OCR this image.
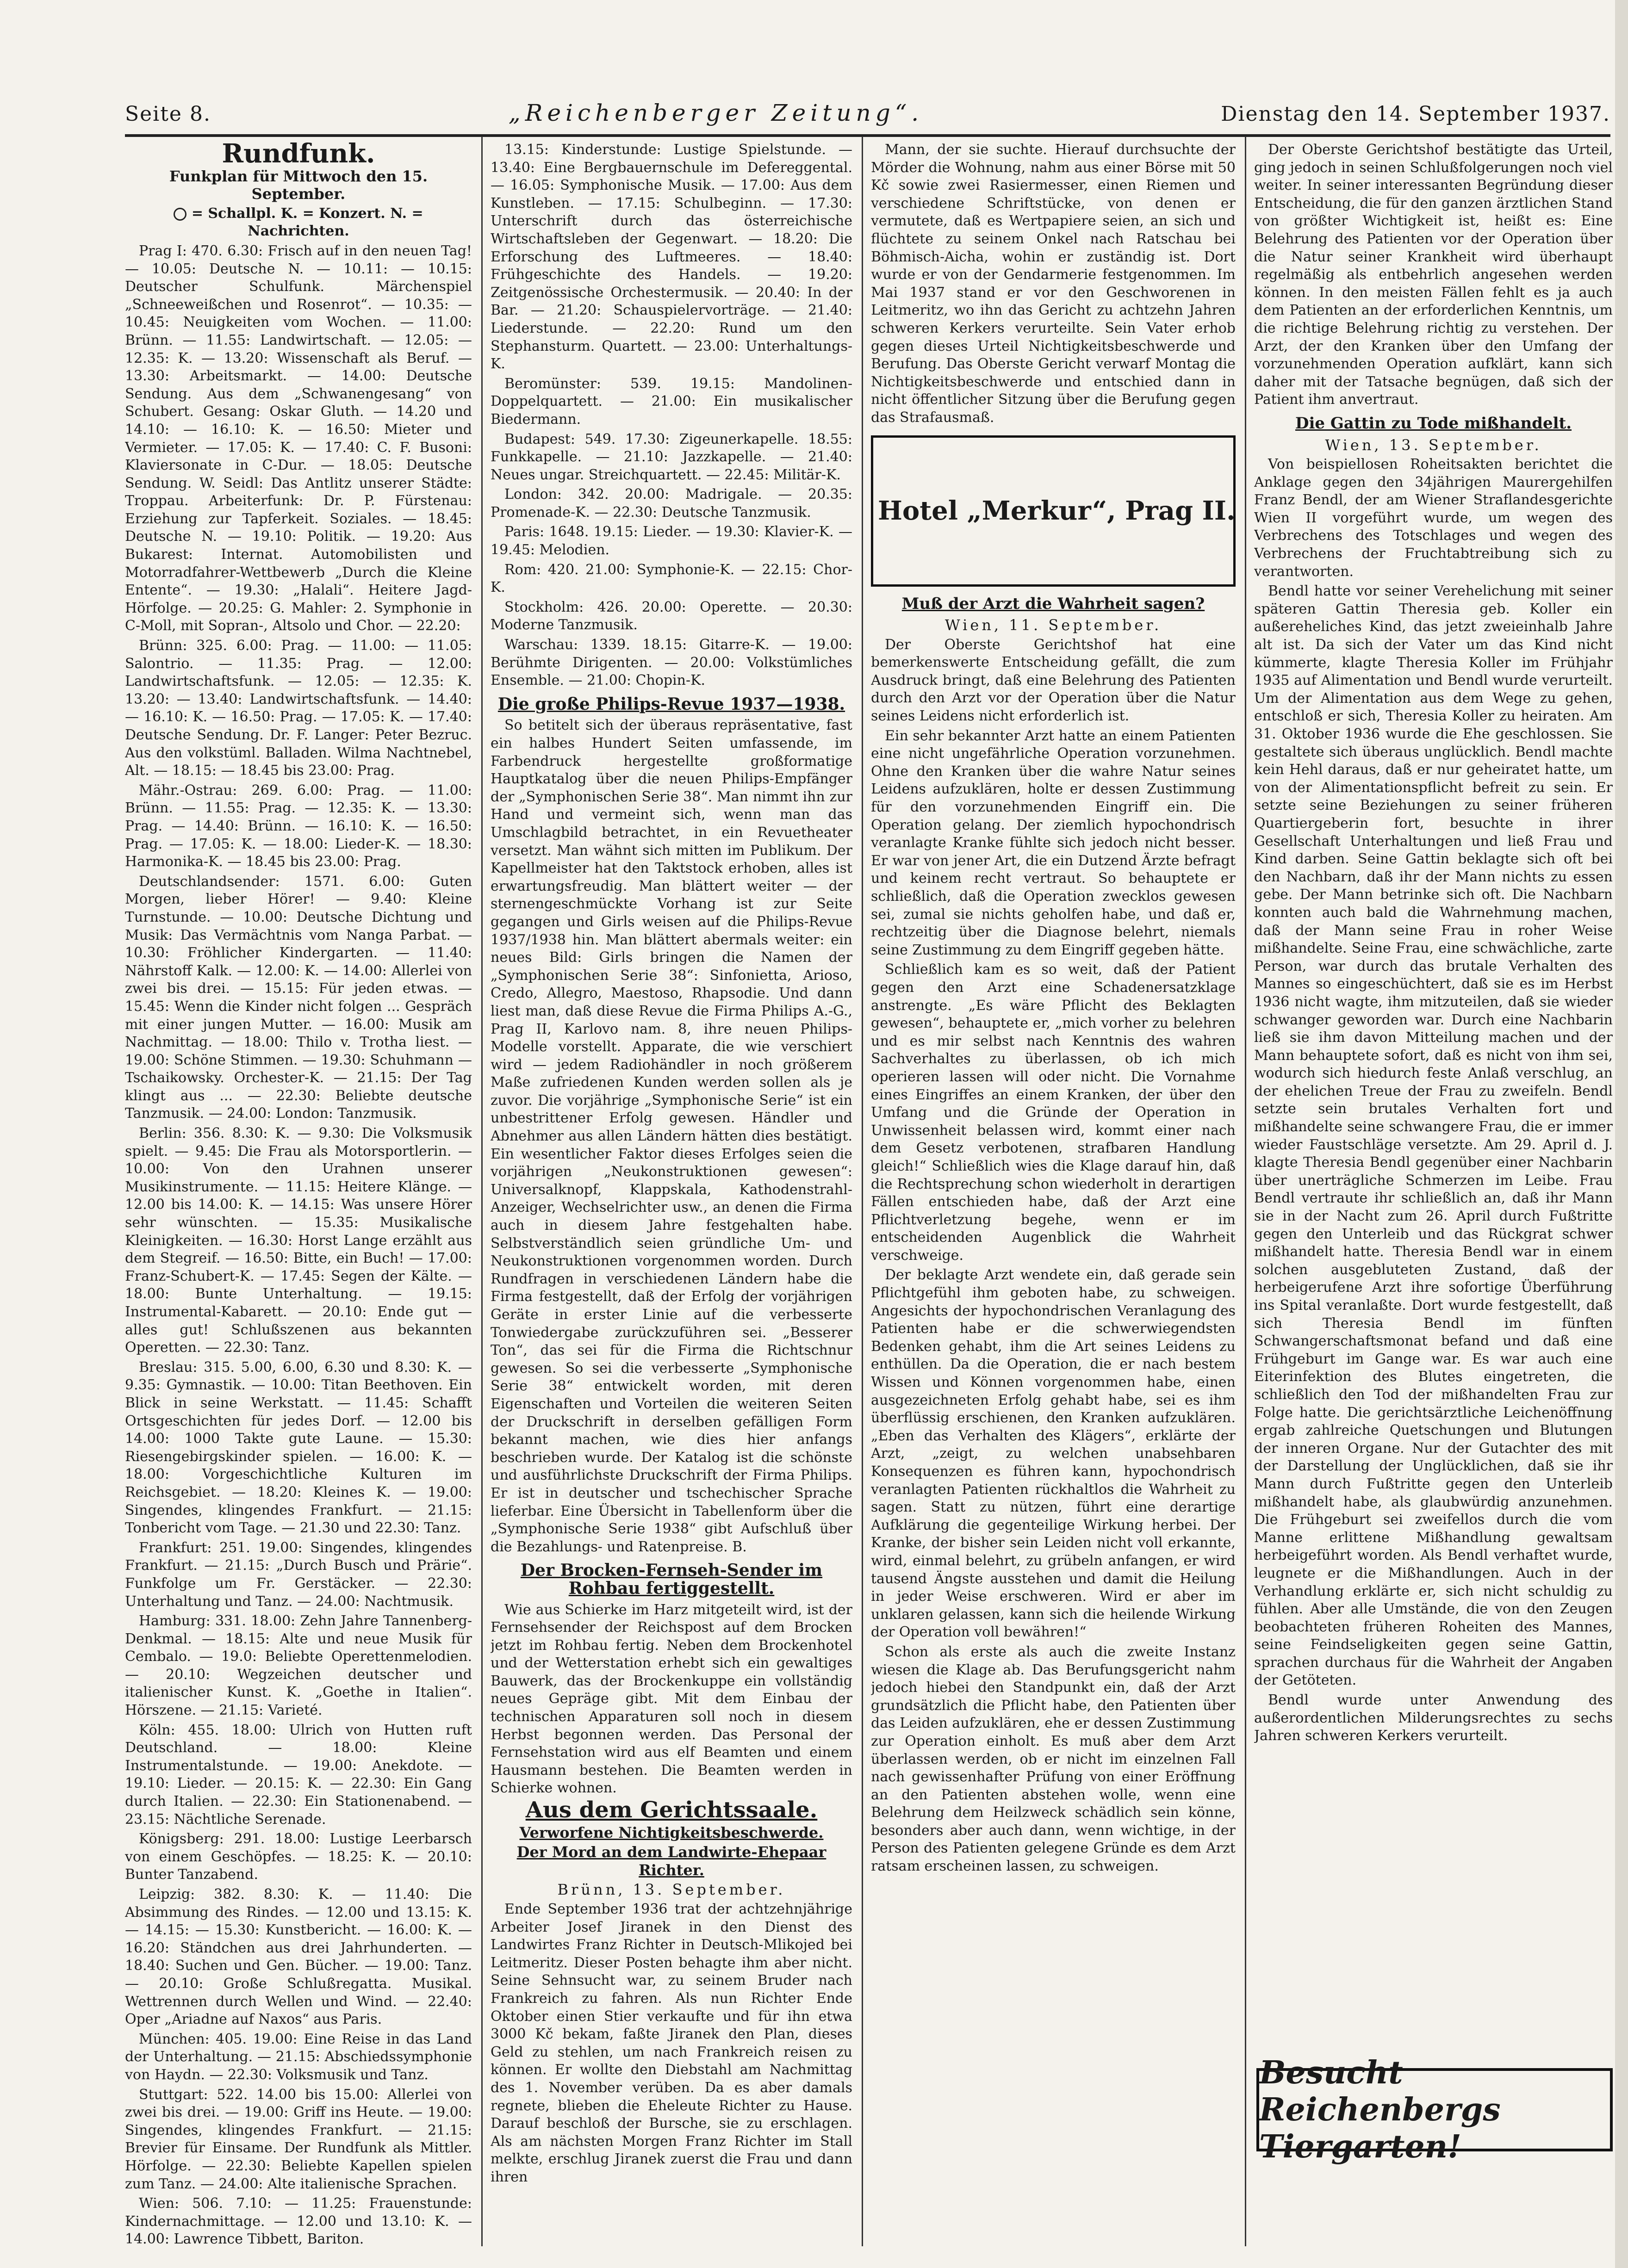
Seite 8.	„Reichenberger Zeitung“.	Dienstag den 14. September 1937.
Rundfunk.
Funkplan für Mittwoch den 15. September.

= Schallpl. K. = Konzert. N. = Nachrichten.

Prag I: 470. 6.30: Frisch auf in den neuen Tag! — 10.05: Deutsche N. — 10.11: — 10.15: Deutscher Schulfunk. Märchenspiel „Schneeweißchen und Rosenrot“. — 10.35: — 10.45: Neuigkeiten vom Wochen. — 11.00: Brünn. — 11.55: Landwirtschaft. — 12.05: — 12.35: K. — 13.20: Wissenschaft als Beruf. — 13.30: Arbeitsmarkt. — 14.00: Deutsche Sendung. Aus dem „Schwanengesang“ von Schubert. Gesang: Oskar Gluth. — 14.20 und 14.10: — 16.10: K. — 16.50: Mieter und Vermieter. — 17.05: K. — 17.40: C. F. Busoni: Klaviersonate in C-Dur. — 18.05: Deutsche Sendung. W. Seidl: Das Antlitz unserer Städte: Troppau. Arbeiterfunk: Dr. P. Fürstenau: Erziehung zur Tapferkeit. Soziales. — 18.45: Deutsche N. — 19.10: Politik. — 19.20: Aus Bukarest: Internat. Automobilisten und Motorradfahrer-Wettbewerb „Durch die Kleine Entente“. — 19.30: „Halali“. Heitere Jagd-Hörfolge. — 20.25: G. Mahler: 2. Symphonie in C-Moll, mit Sopran-, Altsolo und Chor. — 22.20:

Brünn: 325. 6.00: Prag. — 11.00: — 11.05: Salontrio. — 11.35: Prag. — 12.00: Landwirtschaftsfunk. — 12.05: — 12.35: K. 13.20: — 13.40: Landwirtschaftsfunk. — 14.40: — 16.10: K. — 16.50: Prag. — 17.05: K. — 17.40: Deutsche Sendung. Dr. F. Langer: Peter Bezruc. Aus den volkstüml. Balladen. Wilma Nachtnebel, Alt. — 18.15: — 18.45 bis 23.00: Prag.

Mähr.-Ostrau: 269. 6.00: Prag. — 11.00: Brünn. — 11.55: Prag. — 12.35: K. — 13.30: Prag. — 14.40: Brünn. — 16.10: K. — 16.50: Prag. — 17.05: K. — 18.00: Lieder-K. — 18.30: Harmonika-K. — 18.45 bis 23.00: Prag.

Deutschlandsender: 1571. 6.00: Guten Morgen, lieber Hörer! — 9.40: Kleine Turnstunde. — 10.00: Deutsche Dichtung und Musik: Das Vermächtnis vom Nanga Parbat. — 10.30: Fröhlicher Kindergarten. — 11.40: Nährstoff Kalk. — 12.00: K. — 14.00: Allerlei von zwei bis drei. — 15.15: Für jeden etwas. — 15.45: Wenn die Kinder nicht folgen ... Gespräch mit einer jungen Mutter. — 16.00: Musik am Nachmittag. — 18.00: Thilo v. Trotha liest. — 19.00: Schöne Stimmen. — 19.30: Schuhmann — Tschaikowsky. Orchester-K. — 21.15: Der Tag klingt aus ... — 22.30: Beliebte deutsche Tanzmusik. — 24.00: London: Tanzmusik.

Berlin: 356. 8.30: K. — 9.30: Die Volksmusik spielt. — 9.45: Die Frau als Motorsportlerin. — 10.00: Von den Urahnen unserer Musikinstrumente. — 11.15: Heitere Klänge. — 12.00 bis 14.00: K. — 14.15: Was unsere Hörer sehr wünschten. — 15.35: Musikalische Kleinigkeiten. — 16.30: Horst Lange erzählt aus dem Stegreif. — 16.50: Bitte, ein Buch! — 17.00: Franz-Schubert-K. — 17.45: Segen der Kälte. — 18.00: Bunte Unterhaltung. — 19.15: Instrumental-Kabarett. — 20.10: Ende gut — alles gut! Schlußszenen aus bekannten Operetten. — 22.30: Tanz.

Breslau: 315. 5.00, 6.00, 6.30 und 8.30: K. — 9.35: Gymnastik. — 10.00: Titan Beethoven. Ein Blick in seine Werkstatt. — 11.45: Schafft Ortsgeschichten für jedes Dorf. — 12.00 bis 14.00: 1000 Takte gute Laune. — 15.30: Riesengebirgskinder spielen. — 16.00: K. — 18.00: Vorgeschichtliche Kulturen im Reichsgebiet. — 18.20: Kleines K. — 19.00: Singendes, klingendes Frankfurt. — 21.15: Tonbericht vom Tage. — 21.30 und 22.30: Tanz.

Frankfurt: 251. 19.00: Singendes, klingendes Frankfurt. — 21.15: „Durch Busch und Prärie“. Funkfolge um Fr. Gerstäcker. — 22.30: Unterhaltung und Tanz. — 24.00: Nachtmusik.

Hamburg: 331. 18.00: Zehn Jahre Tannenberg-Denkmal. — 18.15: Alte und neue Musik für Cembalo. — 19.0: Beliebte Operettenmelodien. — 20.10: Wegzeichen deutscher und italienischer Kunst. K. „Goethe in Italien“. Hörszene. — 21.15: Varieté.

Köln: 455. 18.00: Ulrich von Hutten ruft Deutschland. — 18.00: Kleine Instrumentalstunde. — 19.00: Anekdote. — 19.10: Lieder. — 20.15: K. — 22.30: Ein Gang durch Italien. — 22.30: Ein Stationenabend. — 23.15: Nächtliche Serenade.

Königsberg: 291. 18.00: Lustige Leerbarsch von einem Geschöpfes. — 18.25: K. — 20.10: Bunter Tanzabend.

Leipzig: 382. 8.30: K. — 11.40: Die Absimmung des Rindes. — 12.00 und 13.15: K. — 14.15: — 15.30: Kunstbericht. — 16.00: K. — 16.20: Ständchen aus drei Jahrhunderten. — 18.40: Suchen und Gen. Bücher. — 19.00: Tanz. — 20.10: Große Schlußregatta. Musikal. Wettrennen durch Wellen und Wind. — 22.40: Oper „Ariadne auf Naxos“ aus Paris.

München: 405. 19.00: Eine Reise in das Land der Unterhaltung. — 21.15: Abschiedssymphonie von Haydn. — 22.30: Volksmusik und Tanz.

Stuttgart: 522. 14.00 bis 15.00: Allerlei von zwei bis drei. — 19.00: Griff ins Heute. — 19.00: Singendes, klingendes Frankfurt. — 21.15: Brevier für Einsame. Der Rundfunk als Mittler. Hörfolge. — 22.30: Beliebte Kapellen spielen zum Tanz. — 24.00: Alte italienische Sprachen.

Wien: 506. 7.10: — 11.25: Frauenstunde: Kindernachmittage. — 12.00 und 13.10: K. — 14.00: Lawrence Tibbett, Bariton.

13.15: Kinderstunde: Lustige Spielstunde. — 13.40: Eine Bergbauernschule im Defereggental. — 16.05: Symphonische Musik. — 17.00: Aus dem Kunstleben. — 17.15: Schulbeginn. — 17.30: Unterschrift durch das österreichische Wirtschaftsleben der Gegenwart. — 18.20: Die Erforschung des Luftmeeres. — 18.40: Frühgeschichte des Handels. — 19.20: Zeitgenössische Orchestermusik. — 20.40: In der Bar. — 21.20: Schauspielervorträge. — 21.40: Liederstunde. — 22.20: Rund um den Stephansturm. Quartett. — 23.00: Unterhaltungs-K.

Beromünster: 539. 19.15: Mandolinen-Doppelquartett. — 21.00: Ein musikalischer Biedermann.

Budapest: 549. 17.30: Zigeunerkapelle. 18.55: Funkkapelle. — 21.10: Jazzkapelle. — 21.40: Neues ungar. Streichquartett. — 22.45: Militär-K.

London: 342. 20.00: Madrigale. — 20.35: Promenade-K. — 22.30: Deutsche Tanzmusik.

Paris: 1648. 19.15: Lieder. — 19.30: Klavier-K. — 19.45: Melodien.

Rom: 420. 21.00: Symphonie-K. — 22.15: Chor-K.

Stockholm: 426. 20.00: Operette. — 20.30: Moderne Tanzmusik.

Warschau: 1339. 18.15: Gitarre-K. — 19.00: Berühmte Dirigenten. — 20.00: Volkstümliches Ensemble. — 21.00: Chopin-K.

Die große Philips-Revue 1937—1938.

So betitelt sich der überaus repräsentative, fast ein halbes Hundert Seiten umfassende, im Farbendruck hergestellte großformatige Hauptkatalog über die neuen Philips-Empfänger der „Symphonischen Serie 38“. Man nimmt ihn zur Hand und vermeint sich, wenn man das Umschlagbild betrachtet, in ein Revuetheater versetzt. Man wähnt sich mitten im Publikum. Der Kapellmeister hat den Taktstock erhoben, alles ist erwartungsfreudig. Man blättert weiter — der sternengeschmückte Vorhang ist zur Seite gegangen und Girls weisen auf die Philips-Revue 1937/1938 hin. Man blättert abermals weiter: ein neues Bild: Girls bringen die Namen der „Symphonischen Serie 38“: Sinfonietta, Arioso, Credo, Allegro, Maestoso, Rhapsodie. Und dann liest man, daß diese Revue die Firma Philips A.-G., Prag II, Karlovo nam. 8, ihre neuen Philips-Modelle vorstellt. Apparate, die wie verschiert wird — jedem Radiohändler in noch größerem Maße zufriedenen Kunden werden sollen als je zuvor. Die vorjährige „Symphonische Serie“ ist ein unbestrittener Erfolg gewesen. Händler und Abnehmer aus allen Ländern hätten dies bestätigt. Ein wesentlicher Faktor dieses Erfolges seien die vorjährigen „Neukonstruktionen gewesen“: Universalknopf, Klappskala, Kathodenstrahl-Anzeiger, Wechselrichter usw., an denen die Firma auch in diesem Jahre festgehalten habe. Selbstverständlich seien gründliche Um- und Neukonstruktionen vorgenommen worden. Durch Rundfragen in verschiedenen Ländern habe die Firma festgestellt, daß der Erfolg der vorjährigen Geräte in erster Linie auf die verbesserte Tonwiedergabe zurückzuführen sei. „Besserer Ton“, das sei für die Firma die Richtschnur gewesen. So sei die verbesserte „Symphonische Serie 38“ entwickelt worden, mit deren Eigenschaften und Vorteilen die weiteren Seiten der Druckschrift in derselben gefälligen Form bekannt machen, wie dies hier anfangs beschrieben wurde. Der Katalog ist die schönste und ausführlichste Druckschrift der Firma Philips. Er ist in deutscher und tschechischer Sprache lieferbar. Eine Übersicht in Tabellenform über die „Symphonische Serie 1938“ gibt Aufschluß über die Bezahlungs- und Ratenpreise. B.

Der Brocken-Fernseh-Sender im Rohbau fertiggestellt.

Wie aus Schierke im Harz mitgeteilt wird, ist der Fernsehsender der Reichspost auf dem Brocken jetzt im Rohbau fertig. Neben dem Brockenhotel und der Wetterstation erhebt sich ein gewaltiges Bauwerk, das der Brockenkuppe ein vollständig neues Gepräge gibt. Mit dem Einbau der technischen Apparaturen soll noch in diesem Herbst begonnen werden. Das Personal der Fernsehstation wird aus elf Beamten und einem Hausmann bestehen. Die Beamten werden in Schierke wohnen.

Aus dem Gerichtssaale.
Verworfene Nichtigkeitsbeschwerde.
Der Mord an dem Landwirte-Ehepaar Richter.
Brünn, 13. September.

Ende September 1936 trat der achtzehnjährige Arbeiter Josef Jiranek in den Dienst des Landwirtes Franz Richter in Deutsch-Mlikojed bei Leitmeritz. Dieser Posten behagte ihm aber nicht. Seine Sehnsucht war, zu seinem Bruder nach Frankreich zu fahren. Als nun Richter Ende Oktober einen Stier verkaufte und für ihn etwa 3000 Kč bekam, faßte Jiranek den Plan, dieses Geld zu stehlen, um nach Frankreich reisen zu können. Er wollte den Diebstahl am Nachmittag des 1. November verüben. Da es aber damals regnete, blieben die Eheleute Richter zu Hause. Darauf beschloß der Bursche, sie zu erschlagen. Als am nächsten Morgen Franz Richter im Stall melkte, erschlug Jiranek zuerst die Frau und dann ihren

Mann, der sie suchte. Hierauf durchsuchte der Mörder die Wohnung, nahm aus einer Börse mit 50 Kč sowie zwei Rasiermesser, einen Riemen und verschiedene Schriftstücke, von denen er vermutete, daß es Wertpapiere seien, an sich und flüchtete zu seinem Onkel nach Ratschau bei Böhmisch-Aicha, wohin er zuständig ist. Dort wurde er von der Gendarmerie festgenommen. Im Mai 1937 stand er vor den Geschworenen in Leitmeritz, wo ihn das Gericht zu achtzehn Jahren schweren Kerkers verurteilte. Sein Vater erhob gegen dieses Urteil Nichtigkeitsbeschwerde und Berufung. Das Oberste Gericht verwarf Montag die Nichtigkeitsbeschwerde und entschied dann in nicht öffentlicher Sitzung über die Berufung gegen das Strafausmaß.

Hotel „Merkur“, Prag II.
Muß der Arzt die Wahrheit sagen?
Wien, 11. September.

Der Oberste Gerichtshof hat eine bemerkenswerte Entscheidung gefällt, die zum Ausdruck bringt, daß eine Belehrung des Patienten durch den Arzt vor der Operation über die Natur seines Leidens nicht erforderlich ist.

Ein sehr bekannter Arzt hatte an einem Patienten eine nicht ungefährliche Operation vorzunehmen. Ohne den Kranken über die wahre Natur seines Leidens aufzuklären, holte er dessen Zustimmung für den vorzunehmenden Eingriff ein. Die Operation gelang. Der ziemlich hypochondrisch veranlagte Kranke fühlte sich jedoch nicht besser. Er war von jener Art, die ein Dutzend Ärzte befragt und keinem recht vertraut. So behauptete er schließlich, daß die Operation zwecklos gewesen sei, zumal sie nichts geholfen habe, und daß er, rechtzeitig über die Diagnose belehrt, niemals seine Zustimmung zu dem Eingriff gegeben hätte.

Schließlich kam es so weit, daß der Patient gegen den Arzt eine Schadenersatzklage anstrengte. „Es wäre Pflicht des Beklagten gewesen“, behauptete er, „mich vorher zu belehren und es mir selbst nach Kenntnis des wahren Sachverhaltes zu überlassen, ob ich mich operieren lassen will oder nicht. Die Vornahme eines Eingriffes an einem Kranken, der über den Umfang und die Gründe der Operation in Unwissenheit belassen wird, kommt einer nach dem Gesetz verbotenen, strafbaren Handlung gleich!“ Schließlich wies die Klage darauf hin, daß die Rechtsprechung schon wiederholt in derartigen Fällen entschieden habe, daß der Arzt eine Pflichtverletzung begehe, wenn er im entscheidenden Augenblick die Wahrheit verschweige.

Der beklagte Arzt wendete ein, daß gerade sein Pflichtgefühl ihm geboten habe, zu schweigen. Angesichts der hypochondrischen Veranlagung des Patienten habe er die schwerwiegendsten Bedenken gehabt, ihm die Art seines Leidens zu enthüllen. Da die Operation, die er nach bestem Wissen und Können vorgenommen habe, einen ausgezeichneten Erfolg gehabt habe, sei es ihm überflüssig erschienen, den Kranken aufzuklären. „Eben das Verhalten des Klägers“, erklärte der Arzt, „zeigt, zu welchen unabsehbaren Konsequenzen es führen kann, hypochondrisch veranlagten Patienten rückhaltlos die Wahrheit zu sagen. Statt zu nützen, führt eine derartige Aufklärung die gegenteilige Wirkung herbei. Der Kranke, der bisher sein Leiden nicht voll erkannte, wird, einmal belehrt, zu grübeln anfangen, er wird tausend Ängste ausstehen und damit die Heilung in jeder Weise erschweren. Wird er aber im unklaren gelassen, kann sich die heilende Wirkung der Operation voll bewähren!“

Schon als erste als auch die zweite Instanz wiesen die Klage ab. Das Berufungsgericht nahm jedoch hiebei den Standpunkt ein, daß der Arzt grundsätzlich die Pflicht habe, den Patienten über das Leiden aufzuklären, ehe er dessen Zustimmung zur Operation einholt. Es muß aber dem Arzt überlassen werden, ob er nicht im einzelnen Fall nach gewissenhafter Prüfung von einer Eröffnung an den Patienten abstehen wolle, wenn eine Belehrung dem Heilzweck schädlich sein könne, besonders aber auch dann, wenn wichtige, in der Person des Patienten gelegene Gründe es dem Arzt ratsam erscheinen lassen, zu schweigen.

Der Oberste Gerichtshof bestätigte das Urteil, ging jedoch in seinen Schlußfolgerungen noch viel weiter. In seiner interessanten Begründung dieser Entscheidung, die für den ganzen ärztlichen Stand von größter Wichtigkeit ist, heißt es: Eine Belehrung des Patienten vor der Operation über die Natur seiner Krankheit wird überhaupt regelmäßig als entbehrlich angesehen werden können. In den meisten Fällen fehlt es ja auch dem Patienten an der erforderlichen Kenntnis, um die richtige Belehrung richtig zu verstehen. Der Arzt, der den Kranken über den Umfang der vorzunehmenden Operation aufklärt, kann sich daher mit der Tatsache begnügen, daß sich der Patient ihm anvertraut.

Die Gattin zu Tode mißhandelt.
Wien, 13. September.

Von beispiellosen Roheitsakten berichtet die Anklage gegen den 34jährigen Maurergehilfen Franz Bendl, der am Wiener Straflandesgerichte Wien II vorgeführt wurde, um wegen des Verbrechens des Totschlages und wegen des Verbrechens der Fruchtabtreibung sich zu verantworten.

Bendl hatte vor seiner Verehelichung mit seiner späteren Gattin Theresia geb. Koller ein außereheliches Kind, das jetzt zweieinhalb Jahre alt ist. Da sich der Vater um das Kind nicht kümmerte, klagte Theresia Koller im Frühjahr 1935 auf Alimentation und Bendl wurde verurteilt. Um der Alimentation aus dem Wege zu gehen, entschloß er sich, Theresia Koller zu heiraten. Am 31. Oktober 1936 wurde die Ehe geschlossen. Sie gestaltete sich überaus unglücklich. Bendl machte kein Hehl daraus, daß er nur geheiratet hatte, um von der Alimentationspflicht befreit zu sein. Er setzte seine Beziehungen zu seiner früheren Quartiergeberin fort, besuchte in ihrer Gesellschaft Unterhaltungen und ließ Frau und Kind darben. Seine Gattin beklagte sich oft bei den Nachbarn, daß ihr der Mann nichts zu essen gebe. Der Mann betrinke sich oft. Die Nachbarn konnten auch bald die Wahrnehmung machen, daß der Mann seine Frau in roher Weise mißhandelte. Seine Frau, eine schwächliche, zarte Person, war durch das brutale Verhalten des Mannes so eingeschüchtert, daß sie es im Herbst 1936 nicht wagte, ihm mitzuteilen, daß sie wieder schwanger geworden war. Durch eine Nachbarin ließ sie ihm davon Mitteilung machen und der Mann behauptete sofort, daß es nicht von ihm sei, wodurch sich hiedurch feste Anlaß verschlug, an der ehelichen Treue der Frau zu zweifeln. Bendl setzte sein brutales Verhalten fort und mißhandelte seine schwangere Frau, die er immer wieder Faustschläge versetzte. Am 29. April d. J. klagte Theresia Bendl gegenüber einer Nachbarin über unerträgliche Schmerzen im Leibe. Frau Bendl vertraute ihr schließlich an, daß ihr Mann sie in der Nacht zum 26. April durch Fußtritte gegen den Unterleib und das Rückgrat schwer mißhandelt hatte. Theresia Bendl war in einem solchen ausgebluteten Zustand, daß der herbeigerufene Arzt ihre sofortige Überführung ins Spital veranlaßte. Dort wurde festgestellt, daß sich Theresia Bendl im fünften Schwangerschaftsmonat befand und daß eine Frühgeburt im Gange war. Es war auch eine Eiterinfektion des Blutes eingetreten, die schließlich den Tod der mißhandelten Frau zur Folge hatte. Die gerichtsärztliche Leichenöffnung ergab zahlreiche Quetschungen und Blutungen der inneren Organe. Nur der Gutachter des mit der Darstellung der Unglücklichen, daß sie ihr Mann durch Fußtritte gegen den Unterleib mißhandelt habe, als glaubwürdig anzunehmen. Die Frühgeburt sei zweifellos durch die vom Manne erlittene Mißhandlung gewaltsam herbeigeführt worden. Als Bendl verhaftet wurde, leugnete er die Mißhandlungen. Auch in der Verhandlung erklärte er, sich nicht schuldig zu fühlen. Aber alle Umstände, die von den Zeugen beobachteten früheren Roheiten des Mannes, seine Feindseligkeiten gegen seine Gattin, sprachen durchaus für die Wahrheit der Angaben der Getöteten.

Bendl wurde unter Anwendung des außerordentlichen Milderungsrechtes zu sechs Jahren schweren Kerkers verurteilt.

Besucht Reichenbergs Tiergarten!
